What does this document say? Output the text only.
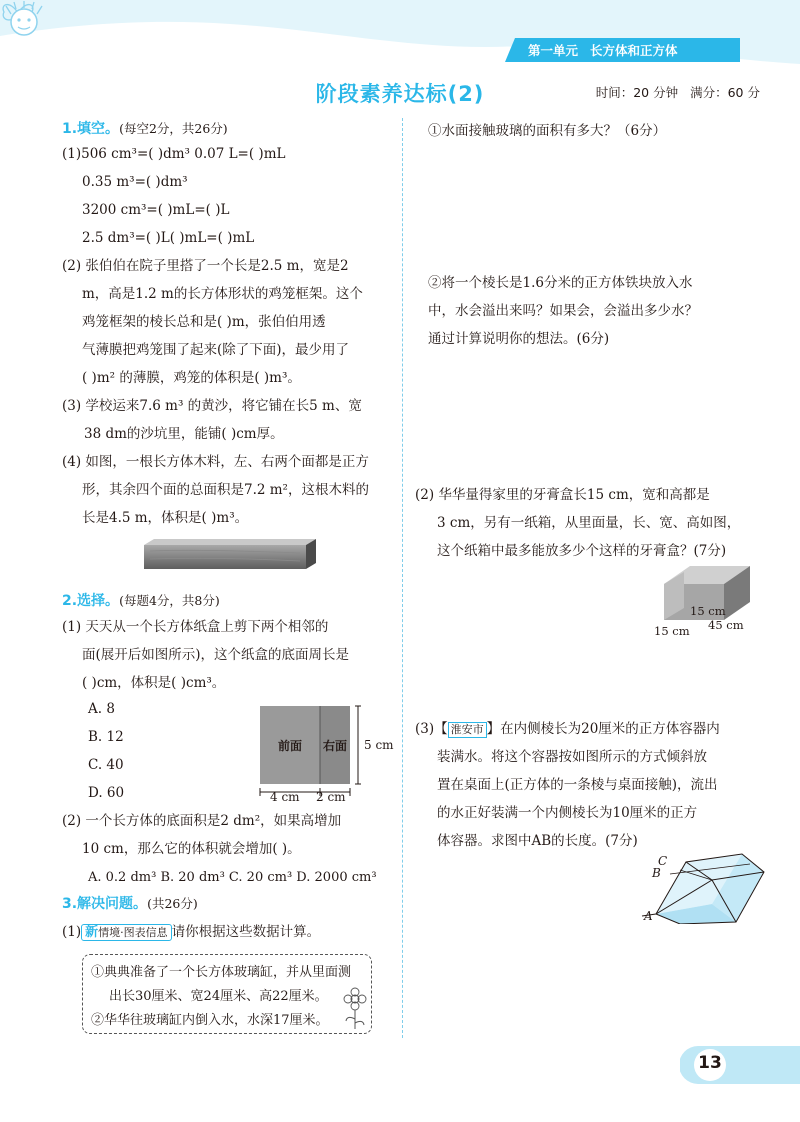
第一单元 长方体和正方体
阶段素养达标(2)	时间：20 分钟 满分：60 分
1.填空。(每空2分，共26分)
(1)506 cm³=( )dm³ 0.07 L=( )mL
0.35 m³=( )dm³
3200 cm³=( )mL=( )L
2.5 dm³=( )L( )mL=( )mL
(2) 张伯伯在院子里搭了一个长是2.5 m，宽是2
m，高是1.2 m的长方体形状的鸡笼框架。这个
鸡笼框架的棱长总和是( )m，张伯伯用透
气薄膜把鸡笼围了起来(除了下面)，最少用了
( )m² 的薄膜，鸡笼的体积是( )m³。
(3) 学校运来7.6 m³ 的黄沙，将它铺在长5 m、宽
38 dm的沙坑里，能铺( )cm厚。
(4) 如图，一根长方体木料，左、右两个面都是正方
形，其余四个面的总面积是7.2 m²，这根木料的
长是4.5 m，体积是( )m³。
2.选择。(每题4分，共8分)
(1) 天天从一个长方体纸盒上剪下两个相邻的
面(展开后如图所示)，这个纸盒的底面周长是
( )cm，体积是( )cm³。
A. 8
B. 12
C. 40
D. 60
前面 右面 5 cm
4 cm 2 cm
(2) 一个长方体的底面积是2 dm²，如果高增加
10 cm，那么它的体积就会增加( )。
A. 0.2 dm³ B. 20 dm³ C. 20 cm³ D. 2000 cm³
3.解决问题。(共26分)
(1) 新情境·图表信息 请你根据这些数据计算。
①典典准备了一个长方体玻璃缸，并从里面测
出长30厘米、宽24厘米、高22厘米。
②华华往玻璃缸内倒入水，水深17厘米。
①水面接触玻璃的面积有多大？（6分）
②将一个棱长是1.6分米的正方体铁块放入水
中，水会溢出来吗？如果会，会溢出多少水？
通过计算说明你的想法。(6分)
(2) 华华量得家里的牙膏盒长15 cm，宽和高都是
3 cm，另有一纸箱，从里面量，长、宽、高如图，
这个纸箱中最多能放多少个这样的牙膏盒？(7分)
15 cm
15 cm 45 cm
(3)【 淮安市 】在内侧棱长为20厘米的正方体容器内
装满水。将这个容器按如图所示的方式倾斜放
置在桌面上(正方体的一条棱与桌面接触)，流出
的水正好装满一个内侧棱长为10厘米的正方
体容器。求图中AB的长度。(7分)
C
B
A
13
